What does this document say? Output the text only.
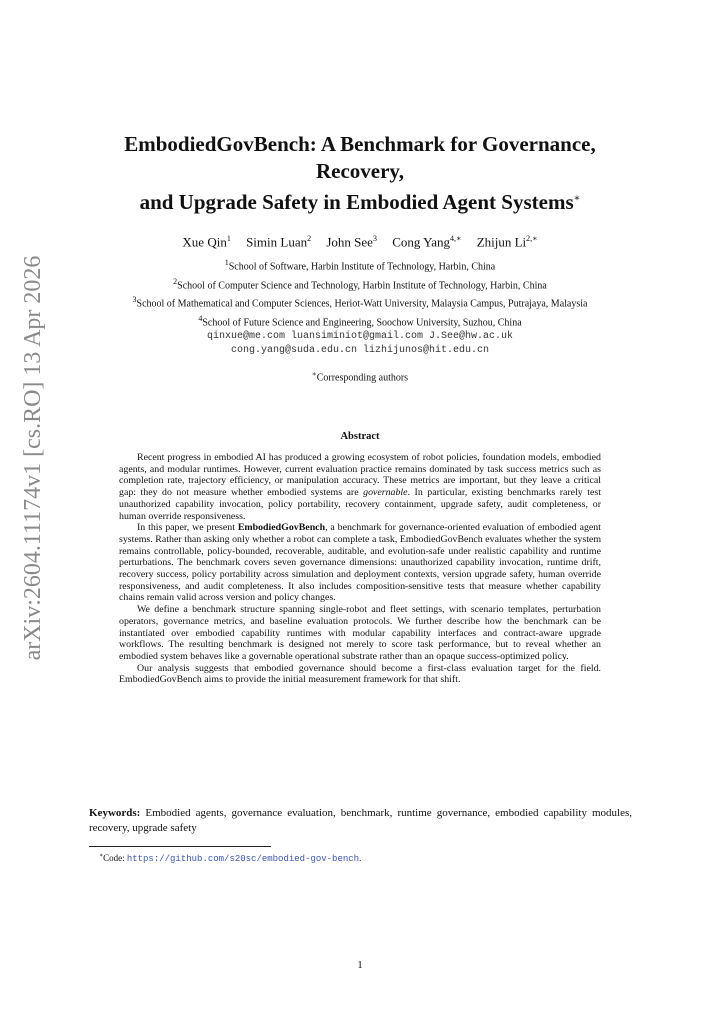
arXiv:2604.11174v1 [cs.RO] 13 Apr 2026
EmbodiedGovBench: A Benchmark for Governance,
Recovery,
and Upgrade Safety in Embodied Agent Systems∗
Xue Qin$^1$ Simin Luan$^2$ John See$^3$ Cong Yang$^{4,∗}$ Zhijun $Li^{2,∗}$
$^1$School of Software, Harbin Institute of Technology, Harbin, China
$^2$School of Computer Science and Technology, Harbin Institute of Technology, Harbin, China
$^3$School of Mathematical and Computer Sciences, Heriot-Watt University, Malaysia Campus, Putrajaya, Malaysia
$^4$School of Future Science and Engineering, Soochow University, Suzhou, China
qinxue@me.com luansiminiot@gmail.com J.See@hw.ac.uk
cong.yang@suda.edu.cn lizhijunos@hit.edu.cn
∗Corresponding authors
Abstract

Recent progress in embodied AI has produced a growing ecosystem of robot policies, foundation models, embodied agents, and modular runtimes. However, current evaluation practice remains dominated by task success metrics such as completion rate, trajectory efficiency, or manipulation accuracy. These metrics are important, but they leave a critical gap: they do not measure whether embodied systems are governable. In particular, existing benchmarks rarely test unauthorized capability invocation, policy portability, recovery containment, upgrade safety, audit completeness, or human override responsiveness.

In this paper, we present EmbodiedGovBench, a benchmark for governance-oriented evaluation of embodied agent systems. Rather than asking only whether a robot can complete a task, EmbodiedGovBench evaluates whether the system remains controllable, policy-bounded, recoverable, auditable, and evolution-safe under realistic capability and runtime perturbations. The benchmark covers seven governance dimensions: unauthorized capability invocation, runtime drift, recovery success, policy portability across simulation and deployment contexts, version upgrade safety, human override responsiveness, and audit completeness. It also includes composition-sensitive tests that measure whether capability chains remain valid across version and policy changes.

We define a benchmark structure spanning single-robot and fleet settings, with scenario templates, perturbation operators, governance metrics, and baseline evaluation protocols. We further describe how the benchmark can be instantiated over embodied capability runtimes with modular capability interfaces and contract-aware upgrade workflows. The resulting benchmark is designed not merely to score task performance, but to reveal whether an embodied system behaves like a governable operational substrate rather than an opaque success-optimized policy.

Our analysis suggests that embodied governance should become a first-class evaluation target for the field. EmbodiedGovBench aims to provide the initial measurement framework for that shift.

Keywords: Embodied agents, governance evaluation, benchmark, runtime governance, embodied capability modules, recovery, upgrade safety
∗Code: https://github.com/s20sc/embodied-gov-bench.
1
